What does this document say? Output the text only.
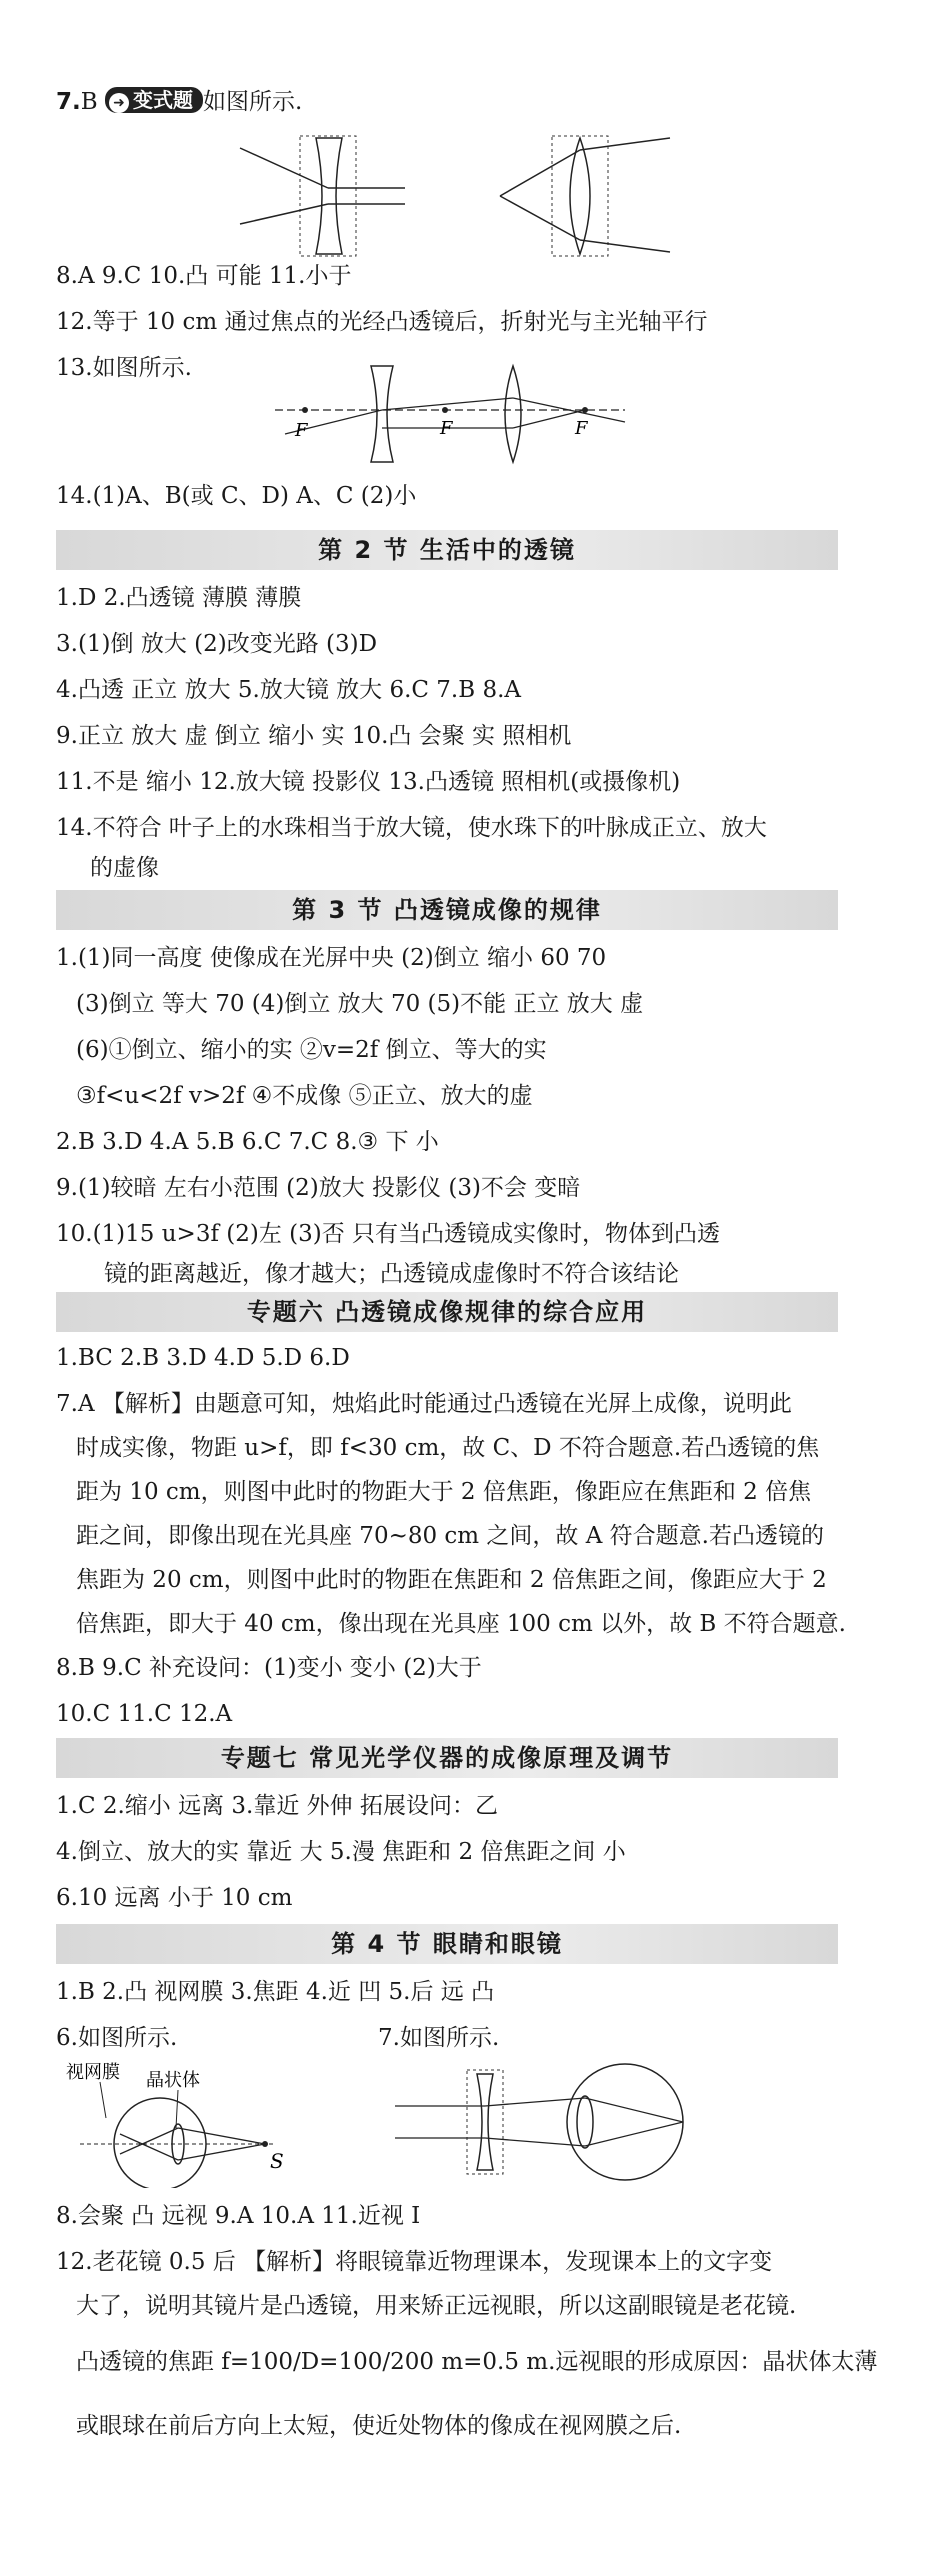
7.B ➜ 变式题 如图所示.
8.A 9.C 10.凸 可能 11.小于
12.等于 10 cm 通过焦点的光经凸透镜后，折射光与主光轴平行
13.如图所示.
F	F	F
14.(1)A、B(或 C、D) A、C (2)小
第 2 节 生活中的透镜
1.D 2.凸透镜 薄膜 薄膜
3.(1)倒 放大 (2)改变光路 (3)D
4.凸透 正立 放大 5.放大镜 放大 6.C 7.B 8.A
9.正立 放大 虚 倒立 缩小 实 10.凸 会聚 实 照相机
11.不是 缩小 12.放大镜 投影仪 13.凸透镜 照相机(或摄像机)
14.不符合 叶子上的水珠相当于放大镜，使水珠下的叶脉成正立、放大
的虚像
第 3 节 凸透镜成像的规律
1.(1)同一高度 使像成在光屏中央 (2)倒立 缩小 60 70
(3)倒立 等大 70 (4)倒立 放大 70 (5)不能 正立 放大 虚
(6)①倒立、缩小的实 ②v=2f 倒立、等大的实
③f<u<2f v>2f ④不成像 ⑤正立、放大的虚
2.B 3.D 4.A 5.B 6.C 7.C 8.③ 下 小
9.(1)较暗 左右小范围 (2)放大 投影仪 (3)不会 变暗
10.(1)15 u>3f (2)左 (3)否 只有当凸透镜成实像时，物体到凸透
镜的距离越近，像才越大；凸透镜成虚像时不符合该结论
专题六 凸透镜成像规律的综合应用
1.BC 2.B 3.D 4.D 5.D 6.D
7.A 【解析】由题意可知，烛焰此时能通过凸透镜在光屏上成像，说明此
时成实像，物距 u>f，即 f<30 cm，故 C、D 不符合题意.若凸透镜的焦
距为 10 cm，则图中此时的物距大于 2 倍焦距，像距应在焦距和 2 倍焦
距之间，即像出现在光具座 70~80 cm 之间，故 A 符合题意.若凸透镜的
焦距为 20 cm，则图中此时的物距在焦距和 2 倍焦距之间，像距应大于 2
倍焦距，即大于 40 cm，像出现在光具座 100 cm 以外，故 B 不符合题意.
8.B 9.C 补充设问：(1)变小 变小 (2)大于
10.C 11.C 12.A
专题七 常见光学仪器的成像原理及调节
1.C 2.缩小 远离 3.靠近 外伸 拓展设问：乙
4.倒立、放大的实 靠近 大 5.漫 焦距和 2 倍焦距之间 小
6.10 远离 小于 10 cm
第 4 节 眼睛和眼镜
1.B 2.凸 视网膜 3.焦距 4.近 凹 5.后 远 凸
6.如图所示.	7.如图所示.
视网膜 晶状体
S
8.会聚 凸 远视 9.A 10.A 11.近视 Ⅰ
12.老花镜 0.5 后 【解析】将眼镜靠近物理课本，发现课本上的文字变
大了，说明其镜片是凸透镜，用来矫正远视眼，所以这副眼镜是老花镜.
凸透镜的焦距 f=100/D=100/200 m=0.5 m.远视眼的形成原因：晶状体太薄
或眼球在前后方向上太短，使近处物体的像成在视网膜之后.
